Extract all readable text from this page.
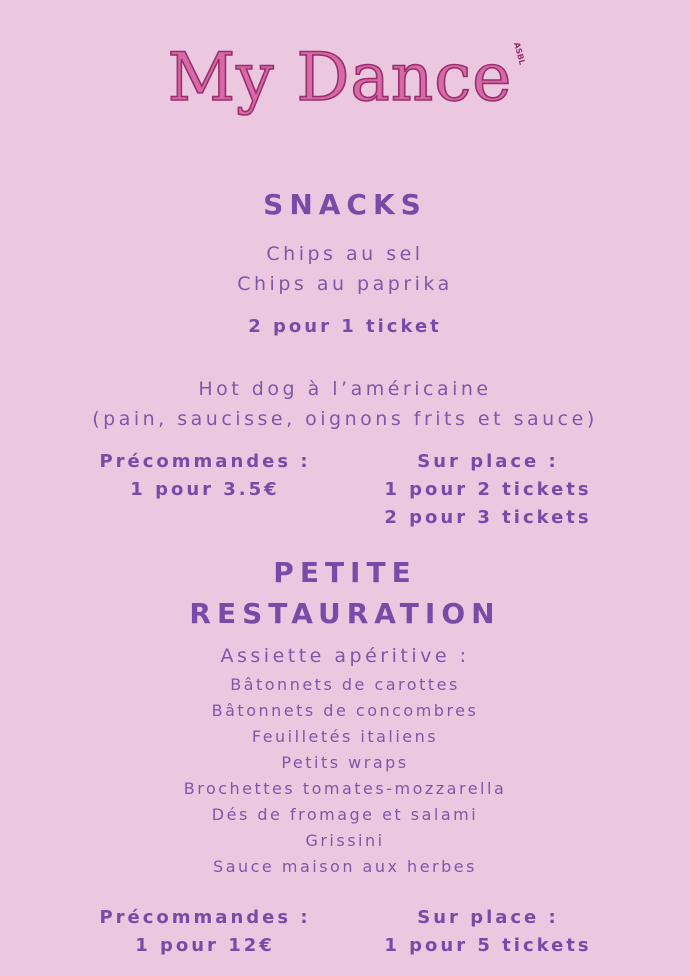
My Dance ASBL
SNACKS
Chips au sel
Chips au paprika
2 pour 1 ticket
Hot dog à l’américaine
(pain, saucisse, oignons frits et sauce)
Précommandes :
1 pour 3.5€
Sur place :
1 pour 2 tickets
2 pour 3 tickets
PETITE
RESTAURATION
Assiette apéritive :
Bâtonnets de carottes
Bâtonnets de concombres
Feuilletés italiens
Petits wraps
Brochettes tomates-mozzarella
Dés de fromage et salami
Grissini
Sauce maison aux herbes
Précommandes :
1 pour 12€
Sur place :
1 pour 5 tickets
